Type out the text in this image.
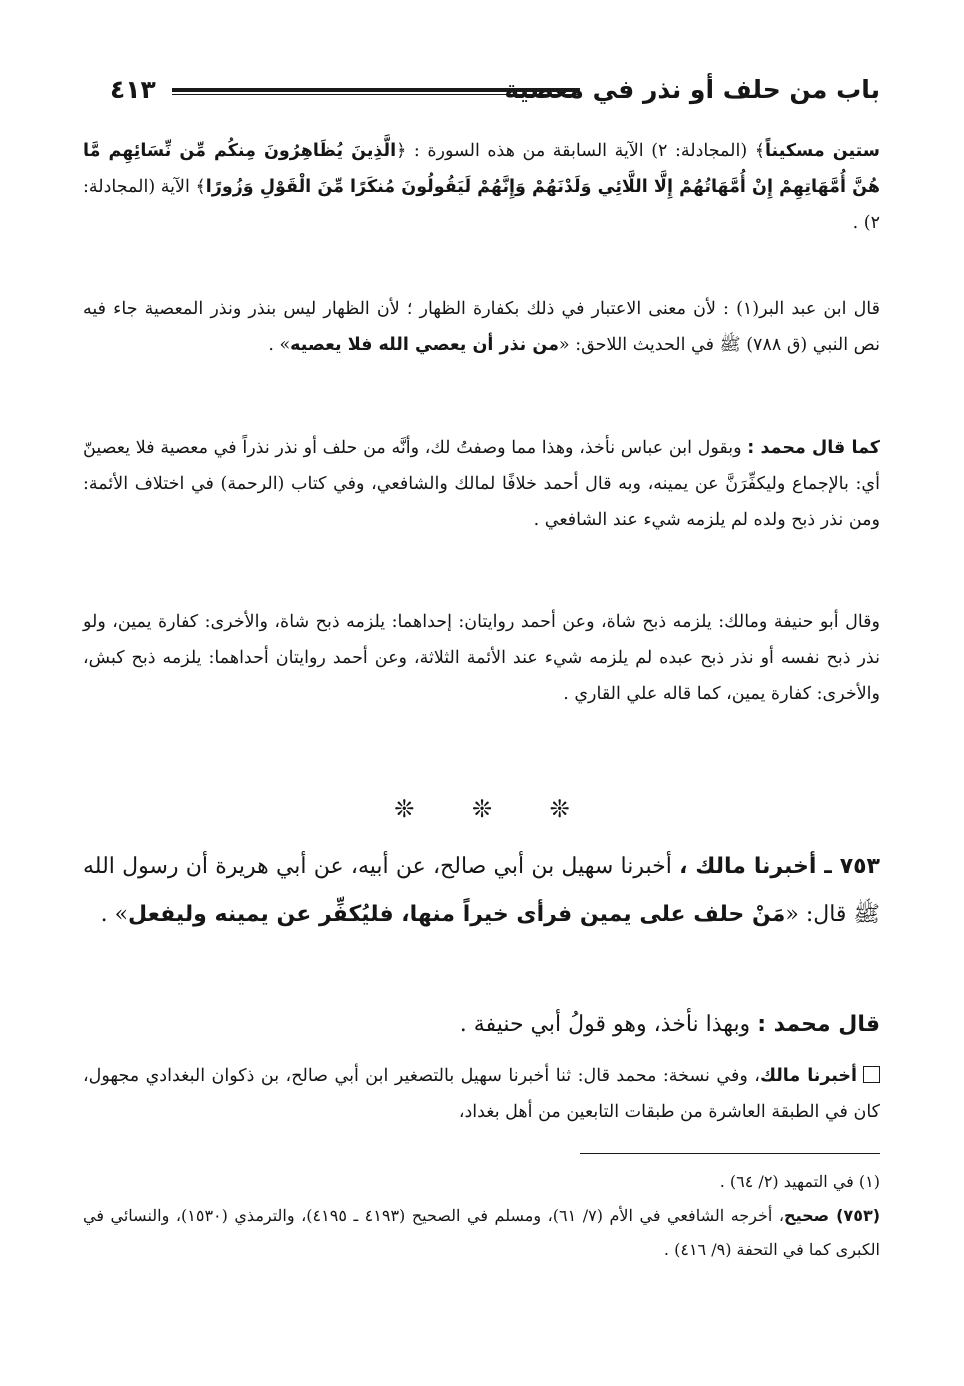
باب من حلف أو نذر في معصية
٤١٣

ستين مسكيناً﴾ (المجادلة: ٢) الآية السابقة من هذه السورة : ﴿الَّذِينَ يُظَاهِرُونَ مِنكُم مِّن نِّسَائِهِم مَّا هُنَّ أُمَّهَاتِهِمْ إِنْ أُمَّهَاتُهُمْ إِلَّا اللَّائِي وَلَدْنَهُمْ وَإِنَّهُمْ لَيَقُولُونَ مُنكَرًا مِّنَ الْقَوْلِ وَزُورًا﴾ الآية (المجادلة: ٢) .

قال ابن عبد البر(١) : لأن معنى الاعتبار في ذلك بكفارة الظهار ؛ لأن الظهار ليس بنذر ونذر المعصية جاء فيه نص النبي (ق ٧٨٨) ﷺ في الحديث اللاحق: «من نذر أن يعصي الله فلا يعصيه» .

كما قال محمد : وبقول ابن عباس نأخذ، وهذا مما وصفتُ لك، وأنَّه من حلف أو نذر نذراً في معصية فلا يعصينّ أي: بالإجماع وليكفِّرَنَّ عن يمينه، وبه قال أحمد خلافًا لمالك والشافعي، وفي كتاب (الرحمة) في اختلاف الأئمة: ومن نذر ذبح ولده لم يلزمه شيء عند الشافعي .

وقال أبو حنيفة ومالك: يلزمه ذبح شاة، وعن أحمد روايتان: إحداهما: يلزمه ذبح شاة، والأخرى: كفارة يمين، ولو نذر ذبح نفسه أو نذر ذبح عبده لم يلزمه شيء عند الأئمة الثلاثة، وعن أحمد روايتان أحداهما: يلزمه ذبح كبش، والأخرى: كفارة يمين، كما قاله علي القاري .

❊ ❊ ❊

٧٥٣ ـ أخبرنا مالك ، أخبرنا سهيل بن أبي صالح، عن أبيه، عن أبي هريرة أن رسول الله ﷺ قال: «مَنْ حلف على يمين فرأى خيراً منها، فليُكفِّر عن يمينه وليفعل» .

قال محمد : وبهذا نأخذ، وهو قولُ أبي حنيفة .

أخبرنا مالك، وفي نسخة: محمد قال: ثنا أخبرنا سهيل بالتصغير ابن أبي صالح، بن ذكوان البغدادي مجهول، كان في الطبقة العاشرة من طبقات التابعين من أهل بغداد،

(١) في التمهيد (٢/ ٦٤) .
(٧٥٣) صحيح، أخرجه الشافعي في الأم (٧/ ٦١)، ومسلم في الصحيح (٤١٩٣ ـ ٤١٩٥)، والترمذي (١٥٣٠)، والنسائي في الكبرى كما في التحفة (٩/ ٤١٦) .
